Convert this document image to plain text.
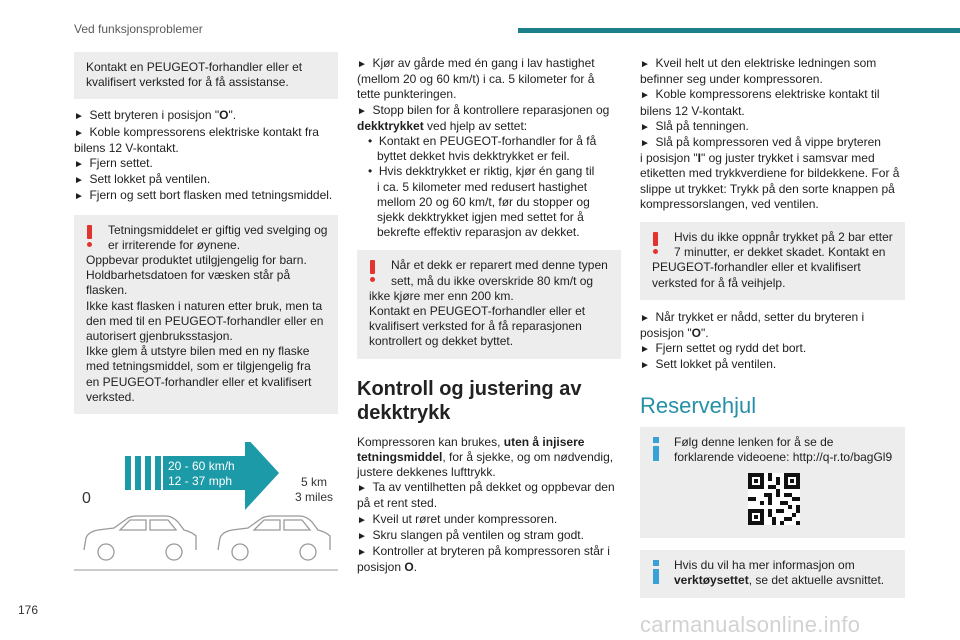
Ved funksjonsproblemer
Kontakt en PEUGEOT-forhandler eller et
kvalifisert verksted for å få assistanse.
►  Sett bryteren i posisjon "O".
►  Koble kompressorens elektriske kontakt fra
bilens 12 V-kontakt.
►  Fjern settet.
►  Sett lokket på ventilen.
►  Fjern og sett bort flasken med tetningsmiddel.
Tetningsmiddelet er giftig ved svelging og
er irriterende for øynene.
Oppbevar produktet utilgjengelig for barn.
Holdbarhetsdatoen for væsken står på
flasken.
Ikke kast flasken i naturen etter bruk, men ta
den med til en PEUGEOT-forhandler eller en
autorisert gjenbruksstasjon.
Ikke glem å utstyre bilen med en ny flaske
med tetningsmiddel, som er tilgjengelig fra
en PEUGEOT-forhandler eller et kvalifisert
verksted.
20 - 60 km/h
12 - 37 mph	5 km
3 miles
0
►  Kjør av gårde med én gang i lav hastighet
(mellom 20 og 60 km/t) i ca. 5 kilometer for å
tette punkteringen.
►  Stopp bilen for å kontrollere reparasjonen og
dekktrykket ved hjelp av settet:
•  Kontakt en PEUGEOT-forhandler for å få
byttet dekket hvis dekktrykket er feil.
•  Hvis dekktrykket er riktig, kjør én gang til
i ca. 5 kilometer med redusert hastighet
mellom 20 og 60 km/t, før du stopper og
sjekk dekktrykket igjen med settet for å
bekrefte effektiv reparasjon av dekket.
Når et dekk er reparert med denne typen
sett, må du ikke overskride 80 km/t og
ikke kjøre mer enn 200 km.
Kontakt en PEUGEOT-forhandler eller et
kvalifisert verksted for å få reparasjonen
kontrollert og dekket byttet.
Kontroll og justering av dekktrykk
Kompressoren kan brukes, uten å injisere
tetningsmiddel, for å sjekke, og om nødvendig,
justere dekkenes lufttrykk.
►  Ta av ventilhetten på dekket og oppbevar den
på et rent sted.
►  Kveil ut røret under kompressoren.
►  Skru slangen på ventilen og stram godt.
►  Kontroller at bryteren på kompressoren står i
posisjon O.
►  Kveil helt ut den elektriske ledningen som
befinner seg under kompressoren.
►  Koble kompressorens elektriske kontakt til
bilens 12 V-kontakt.
►  Slå på tenningen.
►  Slå på kompressoren ved å vippe bryteren
i posisjon "I" og juster trykket i samsvar med
etiketten med trykkverdiene for bildekkene. For å
slippe ut trykket: Trykk på den sorte knappen på
kompressorslangen, ved ventilen.
Hvis du ikke oppnår trykket på 2 bar etter
7 minutter, er dekket skadet. Kontakt en
PEUGEOT-forhandler eller et kvalifisert
verksted for å få veihjelp.
►  Når trykket er nådd, setter du bryteren i
posisjon "O".
►  Fjern settet og rydd det bort.
►  Sett lokket på ventilen.
Reservehjul
Følg denne lenken for å se de
forklarende videoene: http://q-r.to/bagGl9
Hvis du vil ha mer informasjon om
verktøysettet, se det aktuelle avsnittet.
176
carmanualsonline.info
